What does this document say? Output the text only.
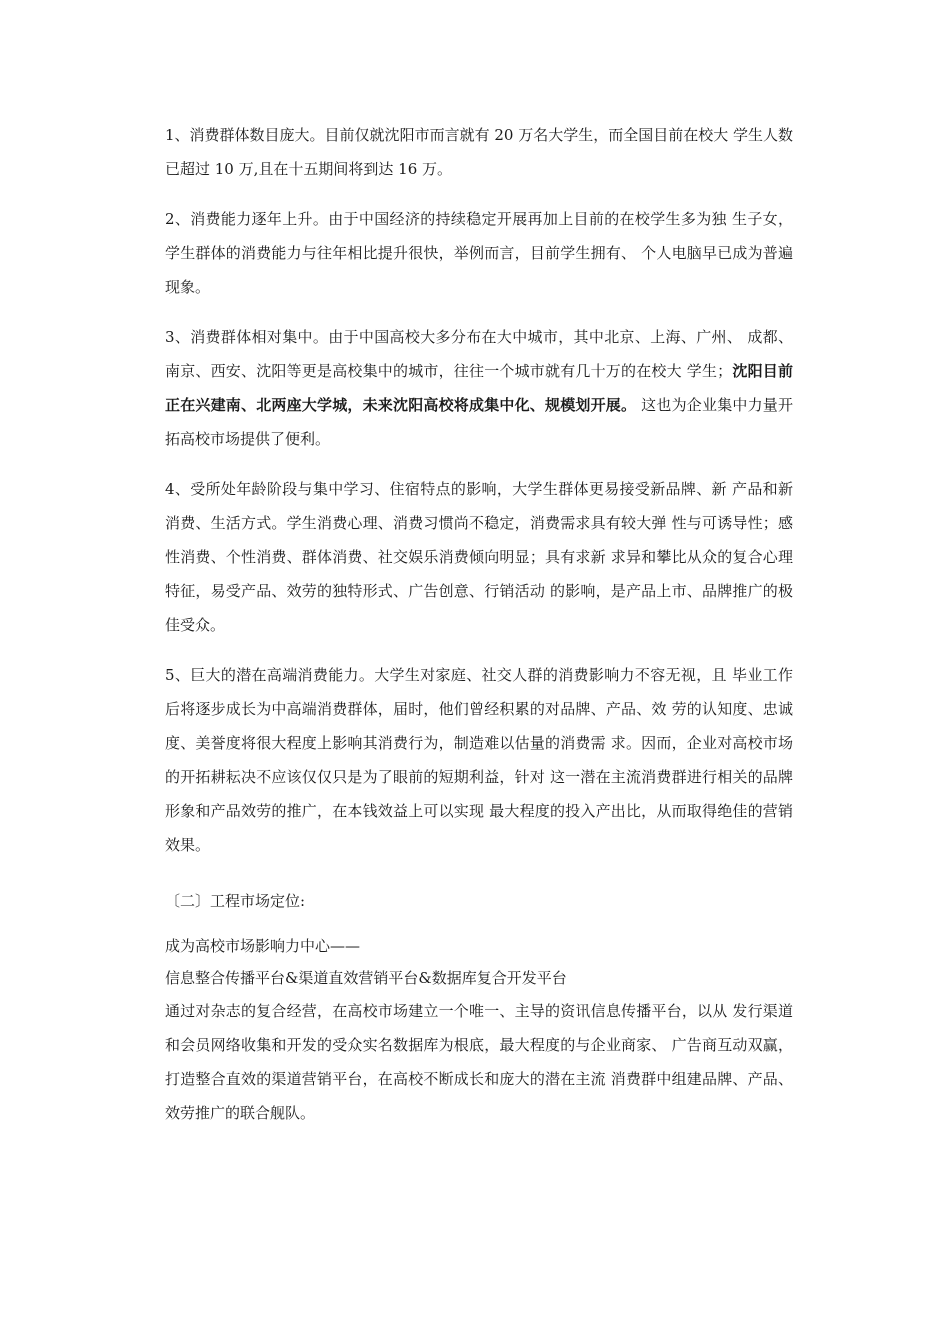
1、消费群体数目庞大。目前仅就沈阳市而言就有 20 万名大学生，而全国目前在校大 学生人数已超过 10 万,且在十五期间将到达 16 万。

2、消费能力逐年上升。由于中国经济的持续稳定开展再加上目前的在校学生多为独 生子女，学生群体的消费能力与往年相比提升很快，举例而言，目前学生拥有、 个人电脑早已成为普遍现象。

3、消费群体相对集中。由于中国高校大多分布在大中城市，其中北京、上海、广州、 成都、南京、西安、沈阳等更是高校集中的城市，往往一个城市就有几十万的在校大 学生；沈阳目前正在兴建南、北两座大学城，未来沈阳高校将成集中化、规模划开展。 这也为企业集中力量开拓高校市场提供了便利。

4、受所处年龄阶段与集中学习、住宿特点的影响，大学生群体更易接受新品牌、新 产品和新消费、生活方式。学生消费心理、消费习惯尚不稳定，消费需求具有较大弹 性与可诱导性；感性消费、个性消费、群体消费、社交娱乐消费倾向明显；具有求新 求异和攀比从众的复合心理特征，易受产品、效劳的独特形式、广告创意、行销活动 的影响，是产品上市、品牌推广的极佳受众。

5、巨大的潜在高端消费能力。大学生对家庭、社交人群的消费影响力不容无视，且 毕业工作后将逐步成长为中高端消费群体，届时，他们曾经积累的对品牌、产品、效 劳的认知度、忠诚度、美誉度将很大程度上影响其消费行为，制造难以估量的消费需 求。因而，企业对高校市场的开拓耕耘决不应该仅仅只是为了眼前的短期利益，针对 这一潜在主流消费群进行相关的品牌形象和产品效劳的推广，在本钱效益上可以实现 最大程度的投入产出比，从而取得绝佳的营销效果。

〔二〕工程市场定位:

成为高校市场影响力中心——

信息整合传播平台&渠道直效营销平台&数据库复合开发平台

通过对杂志的复合经营，在高校市场建立一个唯一、主导的资讯信息传播平台，以从 发行渠道和会员网络收集和开发的受众实名数据库为根底，最大程度的与企业商家、 广告商互动双赢，打造整合直效的渠道营销平台，在高校不断成长和庞大的潜在主流 消费群中组建品牌、产品、效劳推广的联合舰队。
